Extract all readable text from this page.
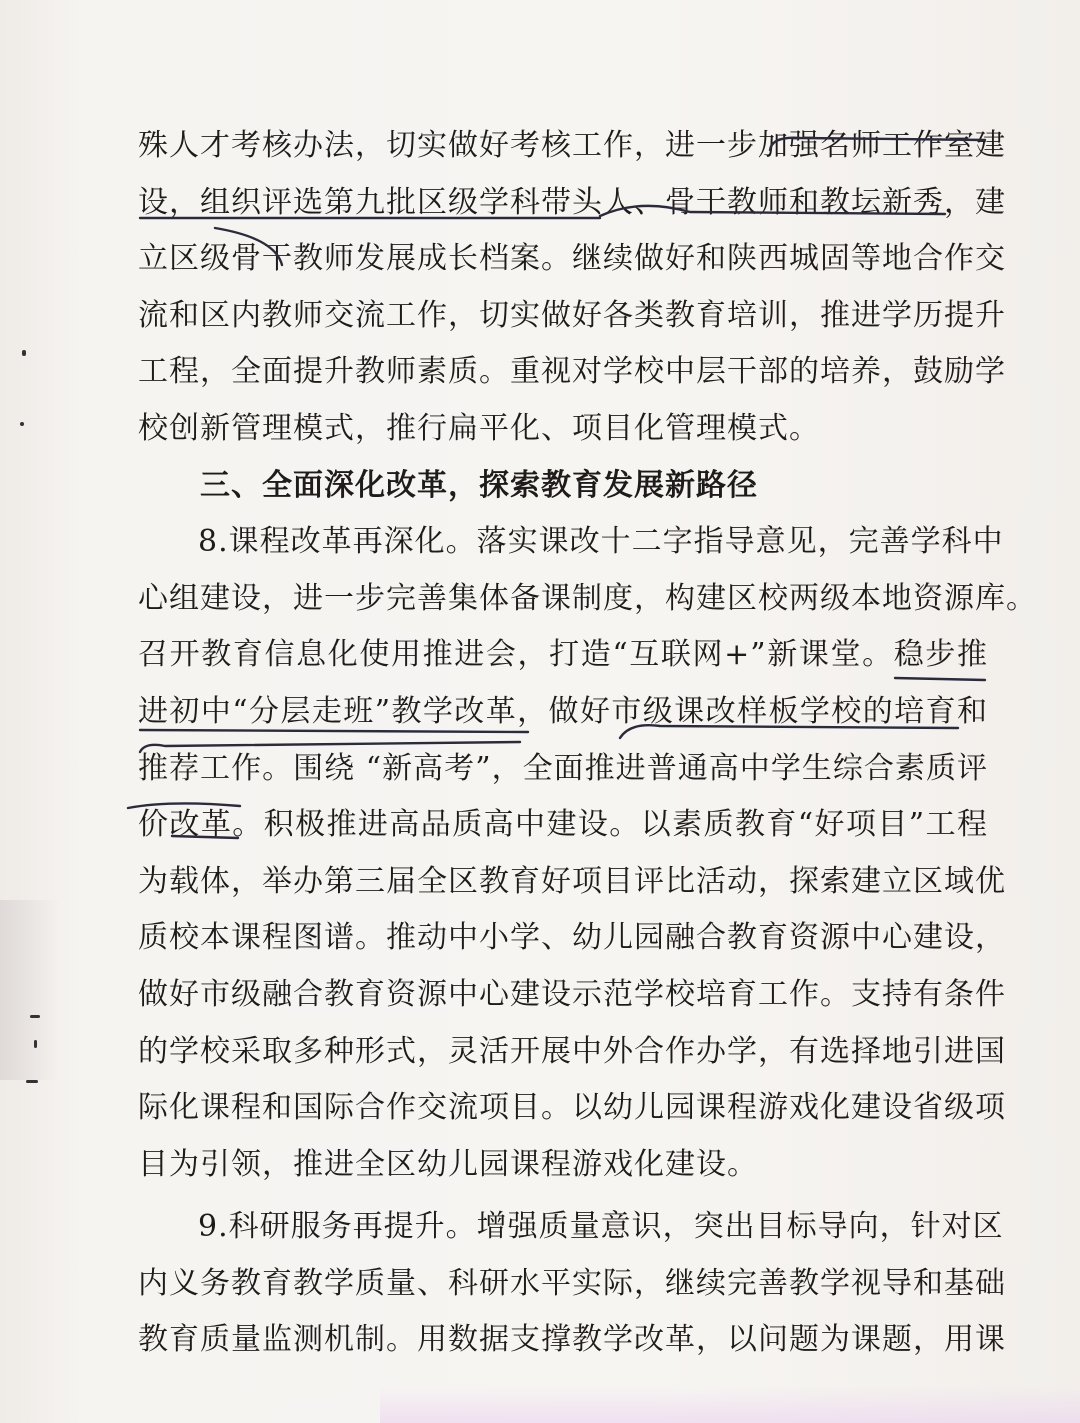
殊人才考核办法，切实做好考核工作，进一步加强名师工作室建
设，组织评选第九批区级学科带头人、骨干教师和教坛新秀，建
立区级骨干教师发展成长档案。继续做好和陕西城固等地合作交
流和区内教师交流工作，切实做好各类教育培训，推进学历提升
工程，全面提升教师素质。重视对学校中层干部的培养，鼓励学
校创新管理模式，推行扁平化、项目化管理模式。
三、全面深化改革，探索教育发展新路径
8.课程改革再深化。落实课改十二字指导意见，完善学科中
心组建设，进一步完善集体备课制度，构建区校两级本地资源库。
召开教育信息化使用推进会，打造“互联网+”新课堂。稳步推
进初中“分层走班”教学改革，做好市级课改样板学校的培育和
推荐工作。围绕 “新高考”，全面推进普通高中学生综合素质评
价改革。积极推进高品质高中建设。以素质教育“好项目”工程
为载体，举办第三届全区教育好项目评比活动，探索建立区域优
质校本课程图谱。推动中小学、幼儿园融合教育资源中心建设，
做好市级融合教育资源中心建设示范学校培育工作。支持有条件
的学校采取多种形式，灵活开展中外合作办学，有选择地引进国
际化课程和国际合作交流项目。以幼儿园课程游戏化建设省级项
目为引领，推进全区幼儿园课程游戏化建设。
9.科研服务再提升。增强质量意识，突出目标导向，针对区
内义务教育教学质量、科研水平实际，继续完善教学视导和基础
教育质量监测机制。用数据支撑教学改革，以问题为课题，用课
